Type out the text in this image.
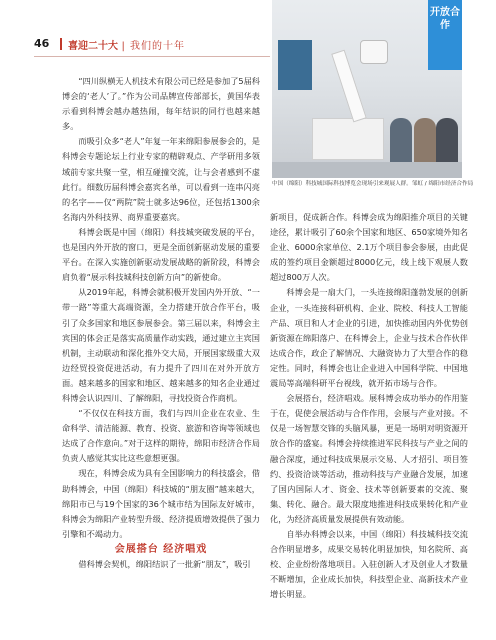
46 喜迎二十大 | 我们的十年
开放合作
中国（绵阳）科技城国际科技博览会现场引来观展人群。邹虹 / 绵阳市经济合作局

“四川纵横无人机技术有限公司已经是参加了5届科博会的‘老人’了。”作为公司品牌宣传部部长，黄国华表示看到科博会越办越热闹，每年结识的同行也越来越多。

而吸引众多“老人”年复一年来绵阳参展参会的，是科博会专题论坛上行业专家的精辟观点、产学研用多领域前专家共聚一堂，相互碰撞交流，让与会者感到不虚此行。细数历届科博会嘉宾名单，可以看到一连串闪亮的名字——仅“两院”院士就多达96位，还包括1300余名海内外科技界、商界重要嘉宾。

科博会既是中国（绵阳）科技城突破发展的平台，也是国内外开放的窗口，更是全面创新驱动发展的重要平台。在深入实施创新驱动发展战略的新阶段，科博会肩负着“展示科技城科技创新方向”的新使命。

从2019年起，科博会就积极开发国内外开放、“一带一路”等重大高端资源，全力搭建开放合作平台，吸引了众多国家和地区参展参会。第三届以来，科博会主宾国的体会正是落实高质量作动实践，通过建立主宾国机制，主动联动和深化推外交大局，开展国家级重大双边经贸投资促进活动，有力提升了四川在对外开放方面。越来越多的国家和地区、越来越多的知名企业通过科博会认识四川、了解绵阳，寻找投资合作商机。

“不仅仅在科技方面，我们与四川企业在农业、生命科学、清洁能源、教育、投资、旅游和咨询等领域也达成了合作意向。”对于这样的期待，绵阳市经济合作局负责人感觉其实比这些意想更强。

现在，科博会成为具有全国影响力的科技盛会，借助科博会，中国（绵阳）科技城的“朋友圈”越来越大，绵阳市已与19个国家的36个城市结为国际友好城市，科博会为绵阳产业转型升级、经济提质增效提供了强力引擎和不竭动力。

会展搭台 经济唱戏

借科博会契机，绵阳结识了一批新“朋友”，吸引

新项目，促成新合作。科博会成为绵阳推介项目的关键途径，累计吸引了60余个国家和地区、650家境外知名企业、6000余家单位、2.1万个项目参会参展，由此促成的签约项目金额超过8000亿元，线上线下观展人数超过800万人次。

科博会是一扇大门，一头连接绵阳蓬勃发展的创新企业，一头连接科研机构、企业、院校、科技人工智能产品、项目和人才企业的引进，加快推动国内外优势创新资源在绵阳落户、在科博会上，企业与技术合作伙伴达成合作，政企了解情况、大融资协力了大型合作的稳定性。同时，科博会也让企业进入中国科学院、中国地震局等高端科研平台视线，就开拓市场与合作。

会展搭台，经济唱戏。展科博会成功举办的作用鉴于在，促使会展活动与合作作用，会展与产业对接。不仅是一场智慧交锋的头脑风暴，更是一场明对明资源开放合作的盛宴。科博会持续推进军民科技与产业之间的融合深度，通过科技成果展示交易、人才招引、项目签约、投资洽谈等活动，推动科技与产业融合发展，加速了国内国际人才、资金、技术等创新要素的交流、聚集、转化、融合。最大限度地推进科技成果转化和产业化，为经济高质量发展提供有效动能。

自举办科博会以来，中国（绵阳）科技城科技交流合作明显增多，成果交易转化明显加快，知名院所、高校、企业纷纷落地项目。入驻创新人才及创业人才数量不断增加，企业成长加快，科技型企业、高新技术产业增长明显。
